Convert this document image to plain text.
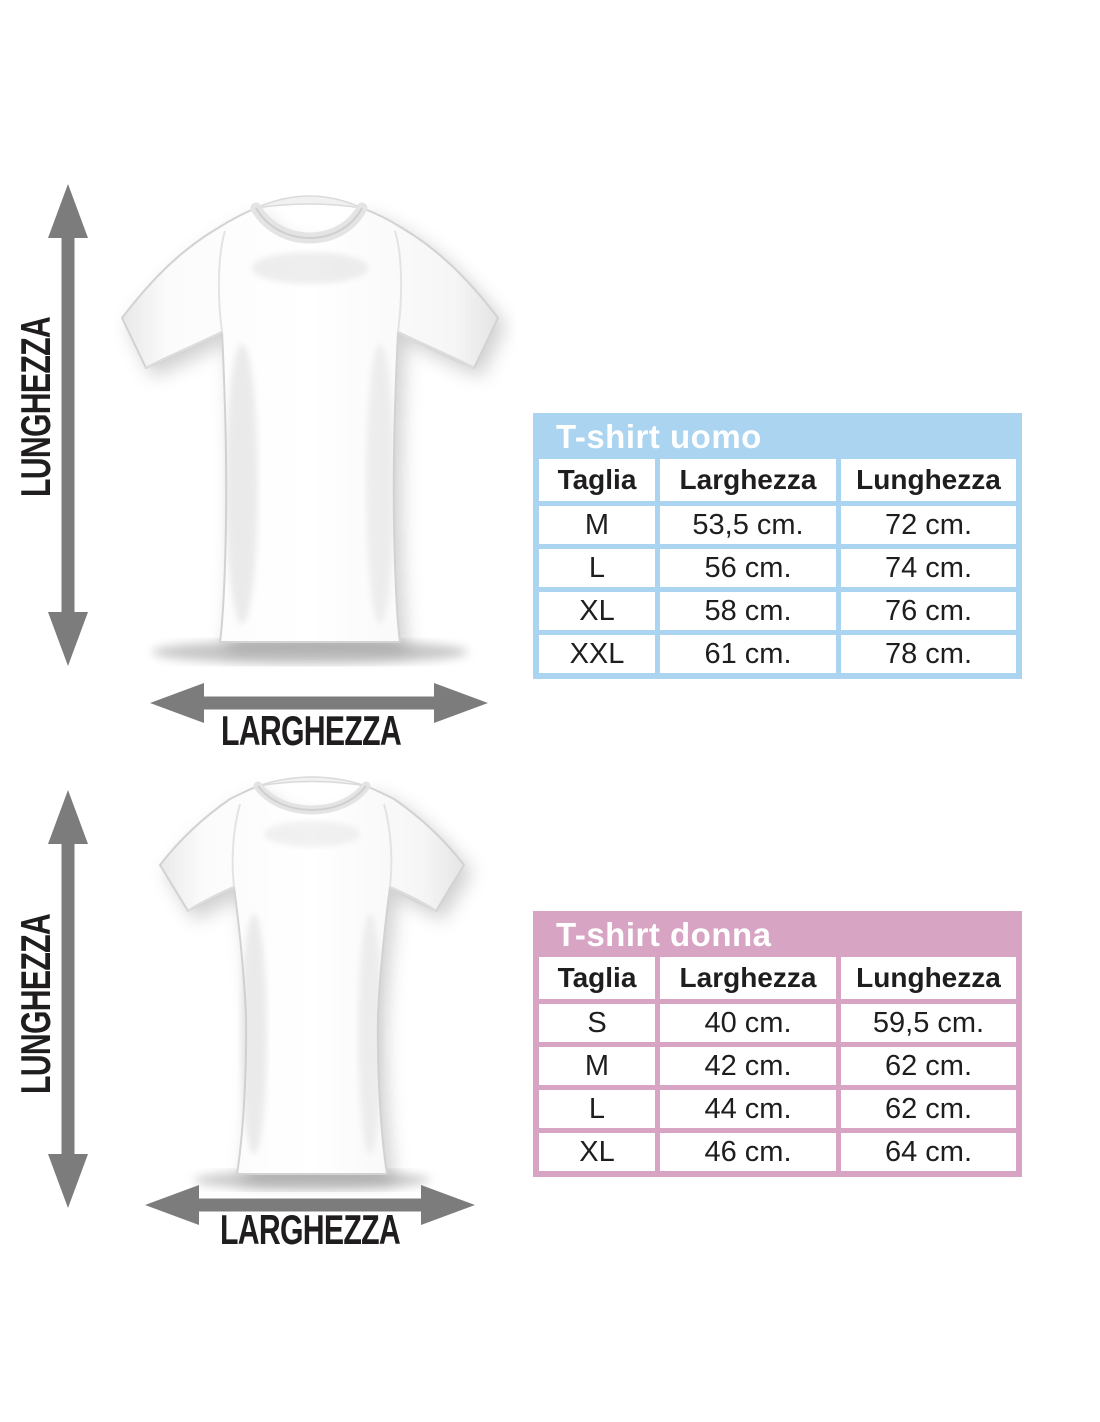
LUNGHEZZA
LARGHEZZA
T-shirt uomo
Taglia	Larghezza	Lunghezza
M	53,5 cm.	72 cm.
L	56 cm.	74 cm.
XL	58 cm.	76 cm.
XXL	61 cm.	78 cm.
LUNGHEZZA
LARGHEZZA
T-shirt donna
Taglia	Larghezza	Lunghezza
S	40 cm.	59,5 cm.
M	42 cm.	62 cm.
L	44 cm.	62 cm.
XL	46 cm.	64 cm.
